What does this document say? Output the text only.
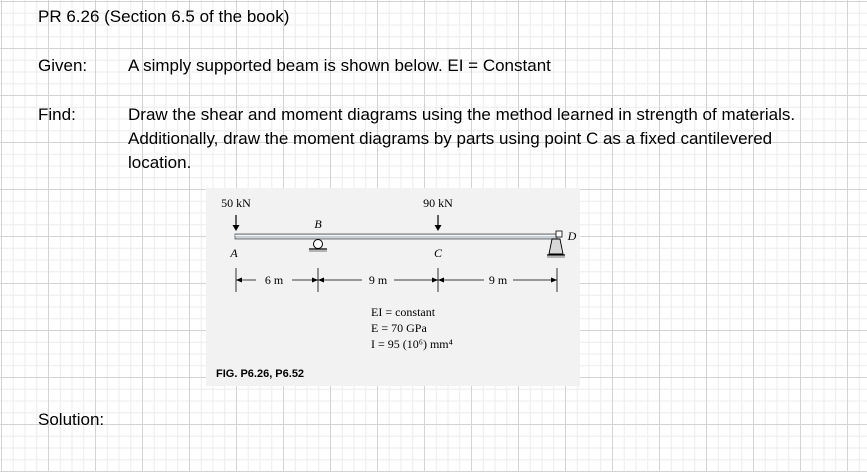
PR 6.26 (Section 6.5 of the book)
Given: A simply supported beam is shown below. EI = Constant
Find:	Draw the shear and moment diagrams using the method learned in strength of materials. Additionally, draw the moment diagrams by parts using point C as a fixed cantilevered location.
Solution:
50 kN	90 kN
A
B
C
D
6 m	9 m	9 m
EI = constant
E = 70 GPa
I = 95 (10⁶) mm⁴
FIG. P6.26, P6.52
